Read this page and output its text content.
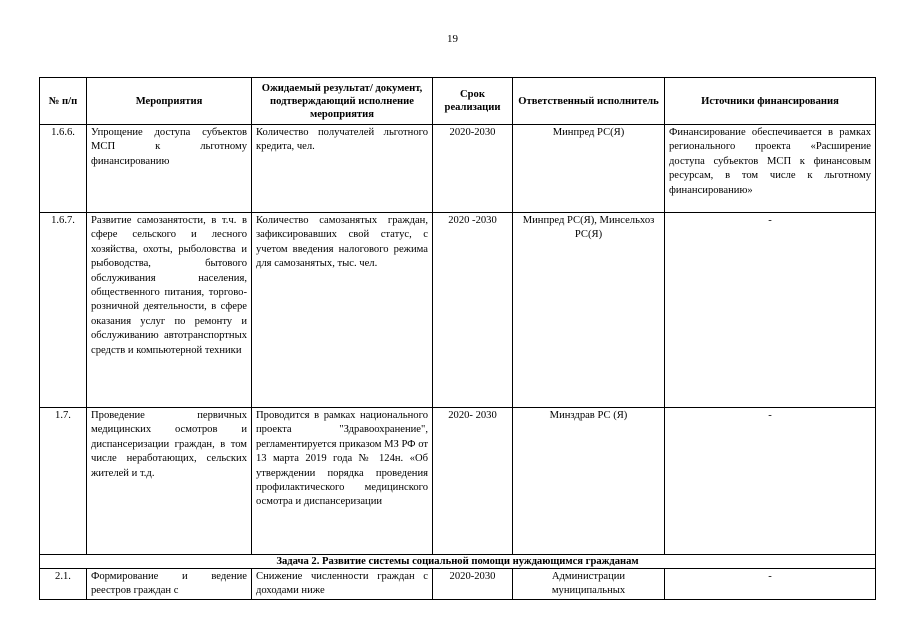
19
№ п/п	Мероприятия	Ожидаемый результат/ документ, подтверждающий исполнение мероприятия	Срок реализации	Ответственный исполнитель	Источники финансирования
1.6.6.	Упрощение доступа субъектов МСП к льготному финансированию	Количество получателей льготного кредита, чел.	2020-2030	Минпред РС(Я)	Финансирование обеспечивается в рамках регионального проекта «Расширение доступа субъектов МСП к финансовым ресурсам, в том числе к льготному финансированию»
1.6.7.	Развитие самозанятости, в т.ч. в сфере сельского и лесного хозяйства, охоты, рыболовства и рыбоводства, бытового обслуживания населения, общественного питания, торгово-розничной деятельности, в сфере оказания услуг по ремонту и обслуживанию автотранспортных средств и компьютерной техники	Количество самозанятых граждан, зафиксировавших свой статус, с учетом введения налогового режима для самозанятых, тыс. чел.	2020 -2030	Минпред РС(Я), Минсельхоз РС(Я)	-
1.7.	Проведение первичных медицинских осмотров и диспансеризации граждан, в том числе неработающих, сельских жителей и т.д.	Проводится в рамках национального проекта "Здравоохранение", регламентируется приказом МЗ РФ от 13 марта 2019 года № 124н. «Об утверждении порядка проведения профилактического медицинского осмотра и диспансеризации	2020- 2030	Минздрав РС (Я)	-
Задача 2. Развитие системы социальной помощи нуждающимся гражданам					
2.1.	Формирование и ведение реестров граждан с	Снижение численности граждан с доходами ниже	2020-2030	Администрации муниципальных	-
